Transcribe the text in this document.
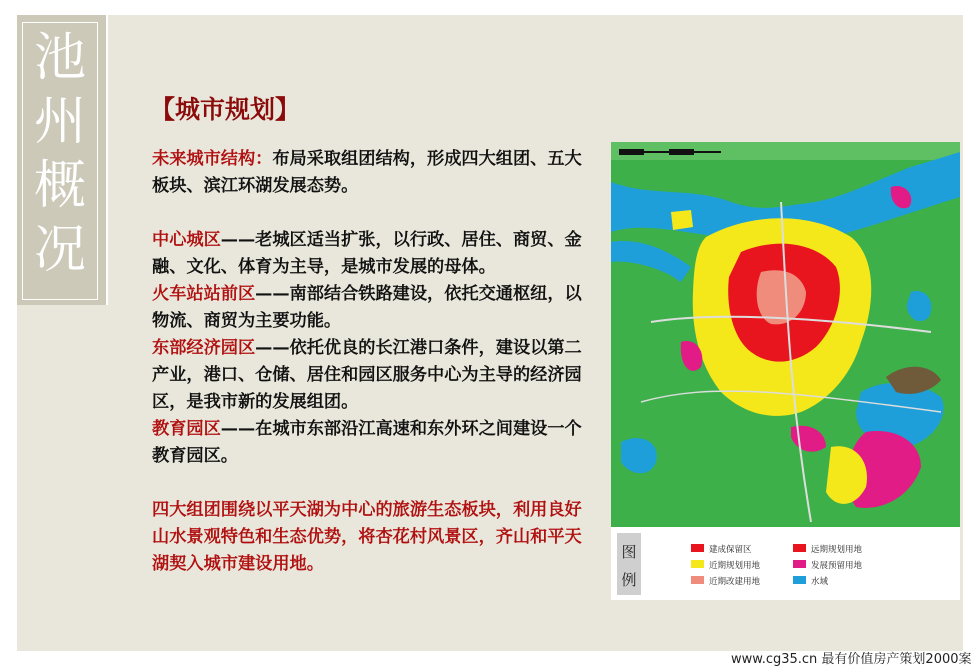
池
州
概
况
【城市规划】

未来城市结构：布局采取组团结构，形成四大组团、五大板块、滨江环湖发展态势。

中心城区——老城区适当扩张，以行政、居住、商贸、金融、文化、体育为主导，是城市发展的母体。

火车站站前区——南部结合铁路建设，依托交通枢纽，以物流、商贸为主要功能。

东部经济园区——依托优良的长江港口条件，建设以第二产业，港口、仓储、居住和园区服务中心为主导的经济园区，是我市新的发展组团。

教育园区——在城市东部沿江高速和东外环之间建设一个教育园区。

四大组团围绕以平天湖为中心的旅游生态板块，利用良好山水景观特色和生态优势，将杏花村风景区，齐山和平天湖契入城市建设用地。

图
例
建成保留区	远期规划用地
近期规划用地	发展预留用地
近期改建用地	水域
www.cg35.cn 最有价值房产策划2000案
